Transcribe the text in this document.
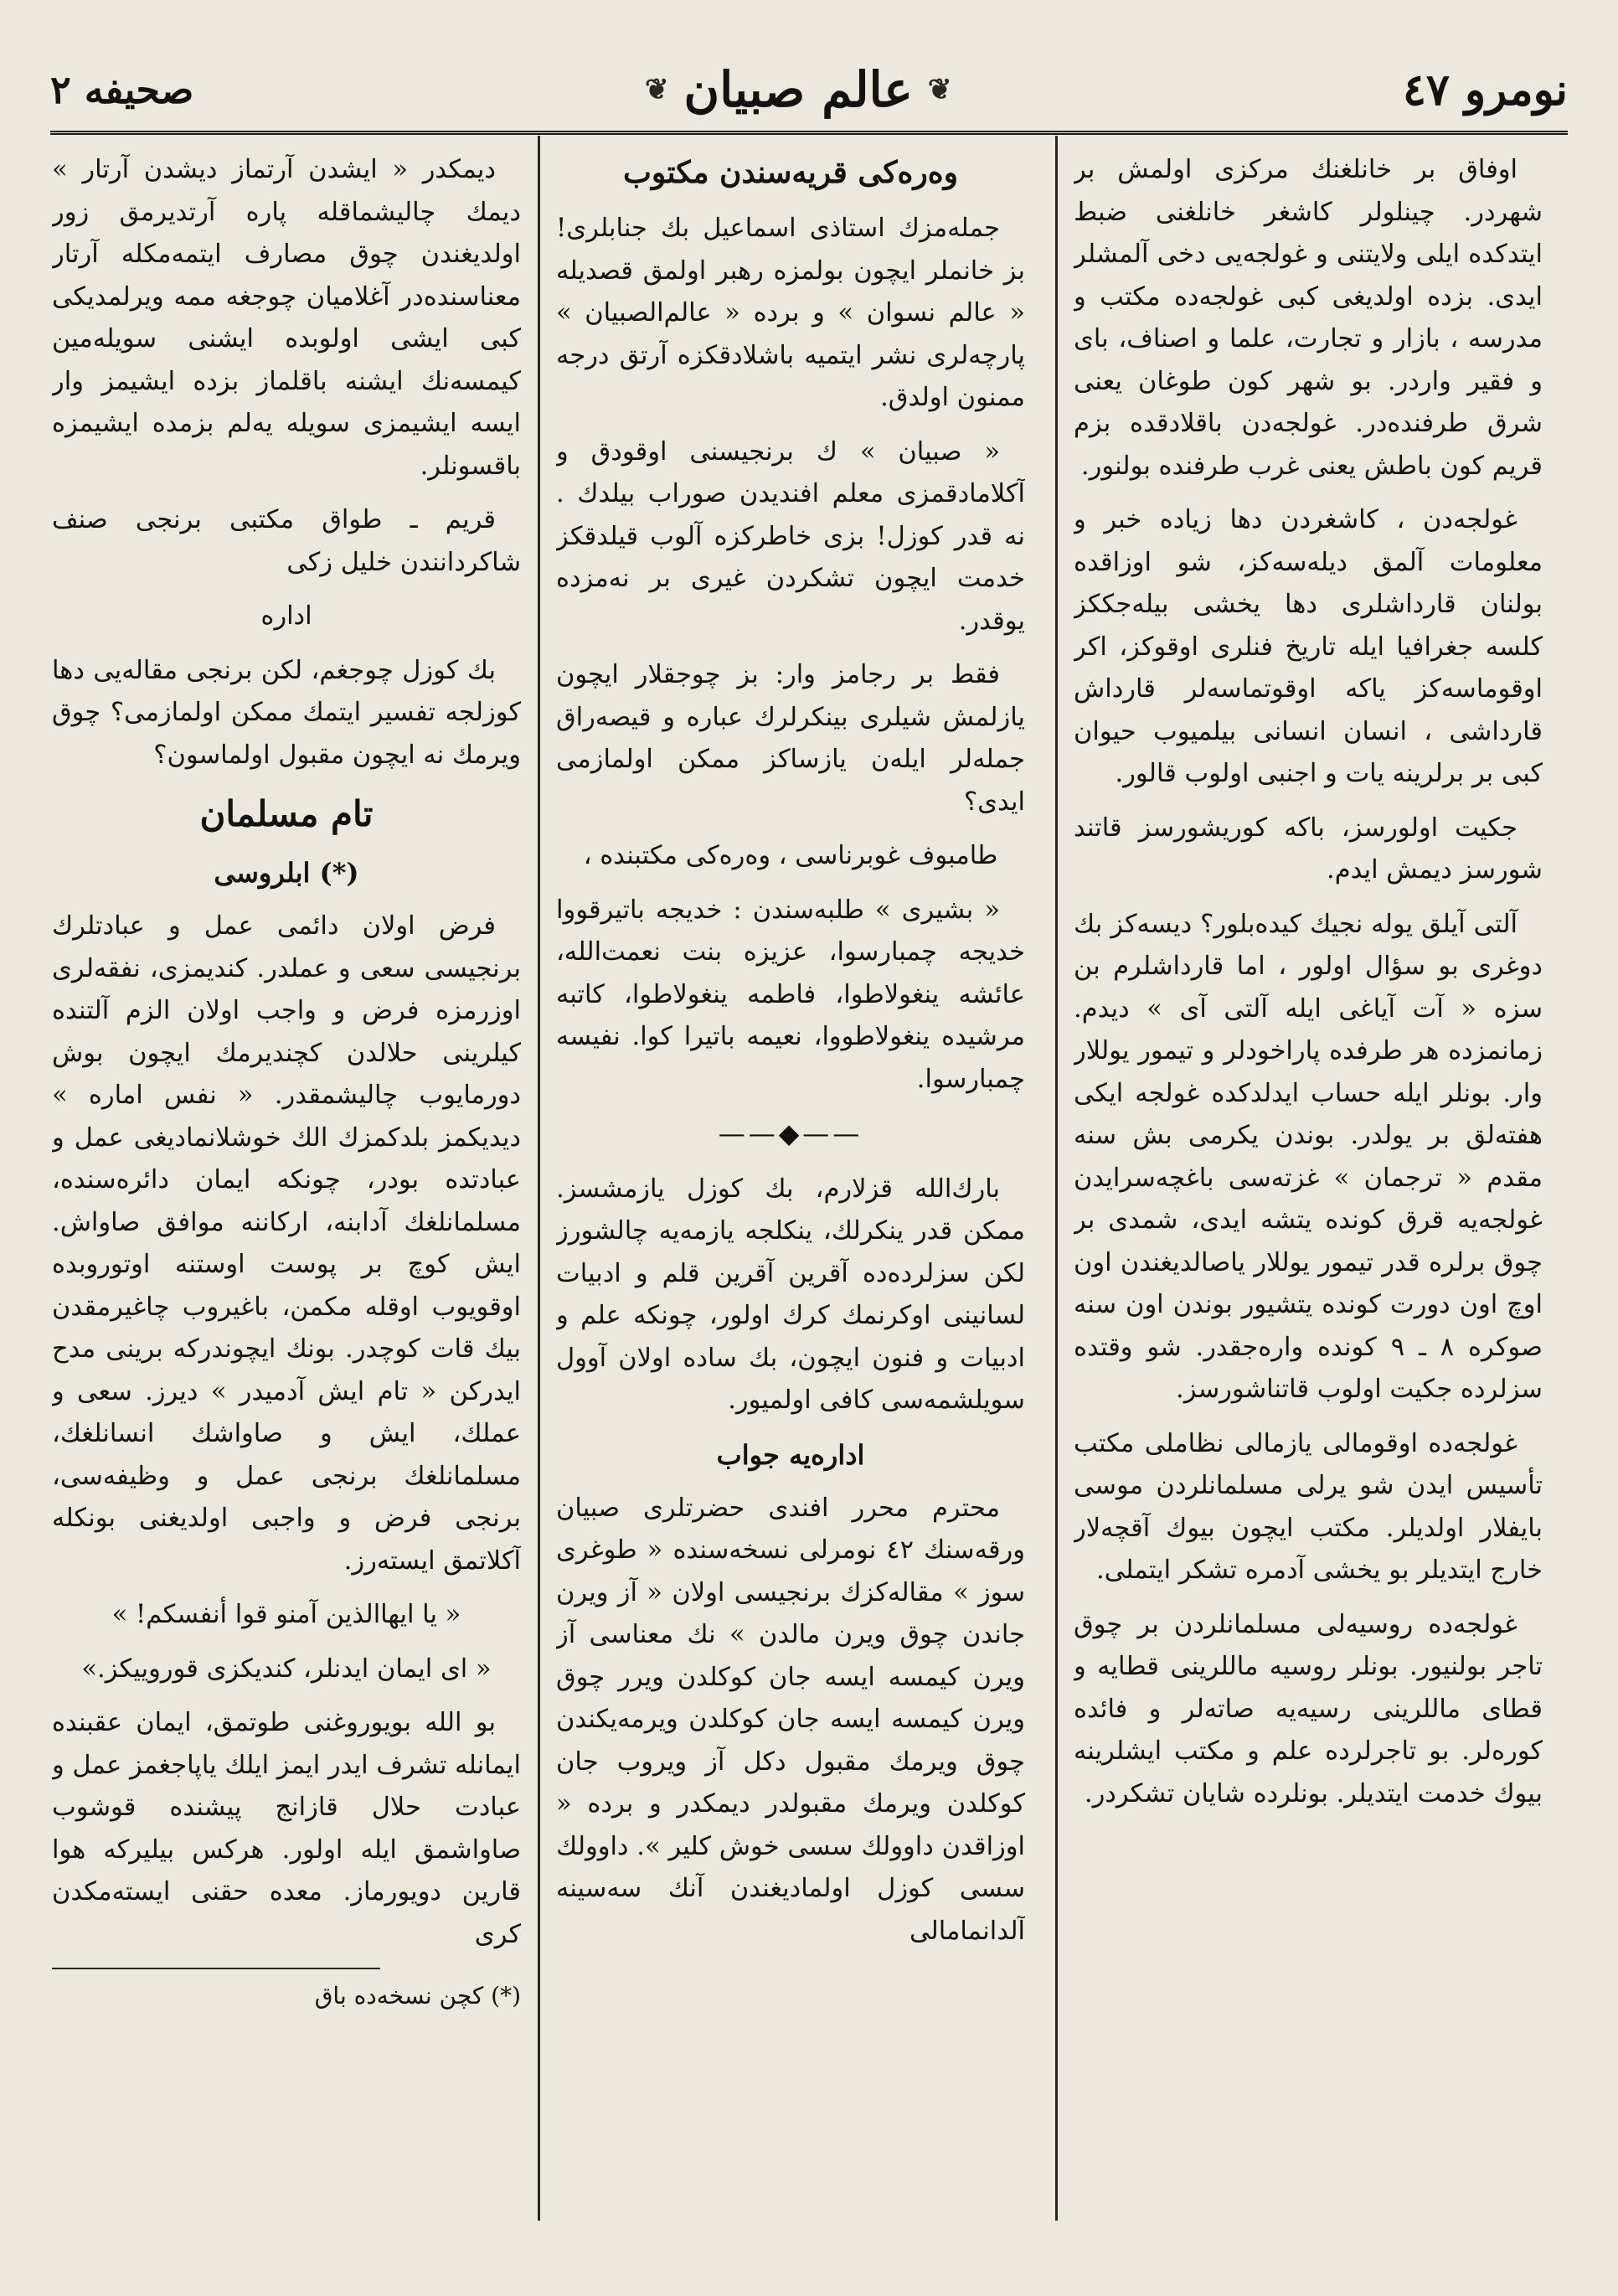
نومرو ٤٧
❦
عالم صبيان
❦
صحیفه ٢

اوفاق بر خانلغنك مركزی اولمش بر شهردر. چینلولر كاشغر خانلغنی ضبط ایتدكده ایلی ولایتنی و غولجه‌یی دخی آلمشلر ایدی. بزده اولدیغی كبی غولجه‌ده مكتب و مدرسه ، بازار و تجارت، علما و اصناف، بای و فقیر واردر. بو شهر كون طوغان یعنی شرق طرفنده‌در. غولجه‌دن باقلادقده بزم قریم كون باطش یعنی غرب طرفنده بولنور.

غولجه‌دن ، كاشغردن دها زیاده خبر و معلومات آلمق دیله‌سه‌كز، شو اوزاقده بولنان قارداشلری دها یخشی بیله‌جككز كلسه جغرافیا ایله تاریخ فنلری اوقوكز، اكر اوقوماسه‌كز یاكه اوقوتماسه‌لر قارداش قارداشی ، انسان انسانی بیلمیوب حیوان كبی بر برلرینه یات و اجنبی اولوب قالور.

جكیت اولورسز، باكه كوریشورسز قاتند شورسز دیمش ایدم.

آلتی آیلق یوله نجیك كیده‌بلور؟ دیسه‌كز بك دوغری بو سؤال اولور ، اما قارداشلرم بن سزه « آت آیاغی ایله آلتی آی » دیدم. زمانمزده هر طرفده پاراخودلر و تیمور یوللار وار. بونلر ایله حساب ایدلدكده غولجه ایكی هفته‌لق بر یولدر. بوندن یكرمی بش سنه مقدم « ترجمان » غزته‌سی باغچه‌سرایدن غولجه‌یه قرق كونده یتشه ایدی، شمدی بر چوق برلره قدر تیمور یوللار یاصالدیغندن اون اوچ اون دورت كونده یتشیور بوندن اون سنه صوكره ٨ ـ ٩ كونده واره‌جقدر. شو وقتده سزلرده جكیت اولوب قاتناشورسز.

غولجه‌ده اوقومالی یازمالی نظاملی مكتب تأسیس ایدن شو یرلی مسلمانلردن موسی بایفلار اولدیلر. مكتب ایچون بیوك آقچه‌لار خارج ایتدیلر بو یخشی آدمره تشكر ایتملی.

غولجه‌ده روسیه‌لی مسلمانلردن بر چوق تاجر بولنیور. بونلر روسیه ماللرینی قطایه و قطای ماللرینی رسیه‌یه صاته‌لر و فائده كورەلر. بو تاجرلرده علم و مكتب ایشلرینه بیوك خدمت ایتدیلر. بونلرده شایان تشكردر.

وه‌ره‌كی قریه‌سندن مكتوب

جمله‌مزك استاذی اسماعیل بك جنابلری! بز خانملر ایچون بولمزه رهبر اولمق قصدیله « عالم نسوان » و برده « عالم‌الصبیان » پارچه‌لری نشر ایتمیه باشلادقكزه آرتق درجه ممنون اولدق.

« صبیان » ك برنجیسنی اوقودق و آكلا‌مادقمزی معلم افندیدن صوراب بیلدك . نه قدر كوزل! بزی خاطركزه آلوب قیلدقكز خدمت ایچون تشكردن غیری بر نه‌مزده یوقدر.

فقط بر رجامز وار: بز چوجقلار ایچون یازلمش شیلری بینكرلرك عباره و قیصه‌راق جمله‌لر ایله‌ن یازساكز ممكن اولمازمی ایدی؟

طامبوف غوبرناسی ، وه‌ره‌كی مكتبنده ،

« بشیری » طلبه‌سندن : خدیجه باتیرقووا خدیجه چمبارسوا، عزیزه بنت نعمت‌الله، عائشه ینغولاطوا، فاطمه ینغولاطوا، كاتبه مرشیده ینغولاطووا، نعیمه باتیرا كوا. نفیسه چمبارسوا.

——◆——

بارك‌الله قزلارم، بك كوزل یازمشسز. ممكن قدر ینكرلك، ینكلجه یازمه‌یه چالشورز لكن سزلرده‌ده آقرین آقرین قلم و ادبیات لسانینی اوكرنمك كرك اولور، چونكه علم و ادبیات و فنون ایچون، بك ساده اولان آوول سویلشمه‌سی كافی اولمیور.

اداره‌یه جواب

محترم محرر افندی حضرتلری صبیان ورقه‌سنك ٤٢ نومرلی نسخه‌سنده « طوغری سوز » مقاله‌كزك برنجیسی اولان « آز ویرن جاندن چوق ویرن مالدن » نك معناسی آز ویرن كیمسه ایسه جان كوكلدن ویرر چوق ویرن كیمسه ایسه جان كوكلدن ویرمه‌یكندن چوق ویرمك مقبول دكل آز ویروب جان كوكلدن ویرمك مقبولدر دیمكدر و برده « اوزاقدن داوولك سسی خوش كلیر ». داوولك سسی كوزل اولمادیغندن آنك سه‌سینه آلدانمامالی

دیمكدر « ایشدن آرتماز دیشدن آرتار » دیمك چالیشماقله پاره آرتدیرمق زور اولدیغندن چوق مصارف ایتمه‌مكله آرتار معناسنده‌در آغلامیان چوجغه ممه ویرلمدیكی كبی ایشی اولوبده ایشنی سویله‌مین كیمسه‌نك ایشنه باقلماز بزده ایشیمز وار ایسه ایشیمزی سویله یه‌لم بزمده ایشیمزه باقسونلر.

قریم ـ طواق مكتبی برنجی صنف شاكردانندن خلیل زكی

اداره

بك كوزل چوجغم، لكن برنجی مقاله‌یی دها كوزلجه تفسیر ایتمك ممكن اولمازمی؟ چوق ویرمك نه ایچون مقبول اولماسون؟

تام مسلمان

(*) ابلروسی

فرض اولان دائمی عمل و عبادتلرك برنجیسی سعی و عملدر. كندیمزی، نفقه‌لری اوزرمزه فرض و واجب اولان الزم آلتنده كیلرینی حلالدن كچندیرمك ایچون بوش دورمایوب چالیشمقدر. « نفس اماره » دیدیكمز بلدكمزك الك خوشلانمادیغی عمل و عبادتده بودر، چونكه ایمان دائره‌سنده، مسلمانلغك آدابنه، اركاننه موافق صاواش. ایش كوچ بر پوست اوستنه اوتوروبده اوقویوب اوقله مكمن، باغیروب چاغیرمقدن بیك قات كوچدر. بونك ایچوندركه برینی مدح ایدركن « تام ایش آدمیدر » دیرز. سعی و عملك، ایش و صاواشك انسانلغك، مسلمانلغك برنجی عمل و وظیفه‌سی، برنجی فرض و واجبی اولدیغنی بونكله آكلاتمق ایسته‌رز.

« یا ایهاالذین آمنو قوا أنفسكم! »

« ای ایمان ایدنلر، كندیكزی قوروییكز.»

بو الله بویوروغنی طوتمق، ایمان عقبنده ایمانله تشرف ایدر ایمز ایلك یاپاجغمز عمل و عبادت حلال قازانج پیشنده قوشوب صاواشمق ایله اولور. هركس بیلیركه هوا قارین دویورماز. معده حقنی ایسته‌مكدن كری

(*) كچن نسخه‌ده باق
